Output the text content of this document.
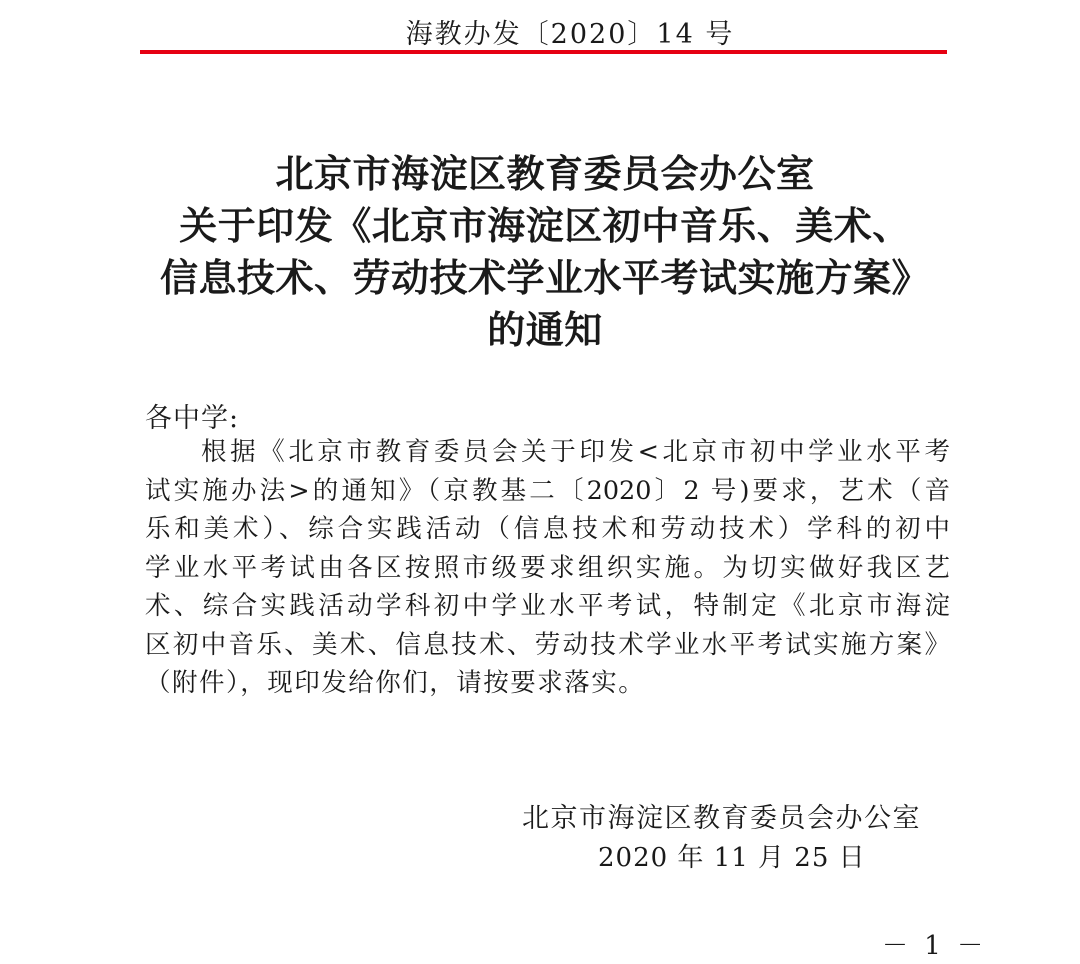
海教办发〔2020〕14 号
北京市海淀区教育委员会办公室
关于印发《北京市海淀区初中音乐、美术、
信息技术、劳动技术学业水平考试实施方案》
的通知
各中学:
根据《北京市教育委员会关于印发<北京市初中学业水平考
试实施办法>的通知》（京教基二〔2020〕2 号)要求，艺术（音
乐和美术）、综合实践活动（信息技术和劳动技术）学科的初中
学业水平考试由各区按照市级要求组织实施。为切实做好我区艺
术、综合实践活动学科初中学业水平考试，特制定《北京市海淀
区初中音乐、美术、信息技术、劳动技术学业水平考试实施方案》
（附件），现印发给你们，请按要求落实。
北京市海淀区教育委员会办公室
2020 年 11 月 25 日
－ 1 －
